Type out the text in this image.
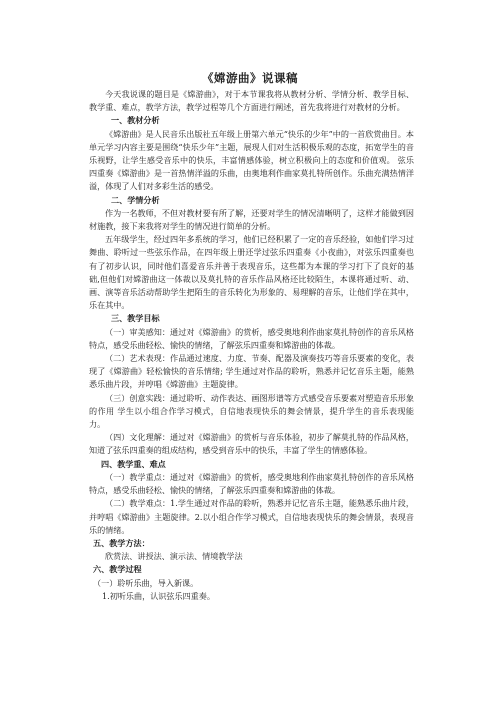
《嫦游曲》说课稿

今天我说课的题目是《嫦游曲》，对于本节课我将从教材分析、学情分析、教学目标、教学重、难点，教学方法，教学过程等几个方面进行阐述，首先我将进行对教材的分析。

一、教材分析

《嫦游曲》是人民音乐出版社五年级上册第六单元“快乐的少年”中的一首欣赏曲目。本单元学习内容主要是围绕“快乐少年”主题，展现人们对生活积极乐观的态度，拓宽学生的音乐视野，让学生感受音乐中的快乐，丰富情感体验，树立积极向上的态度和价值观。 弦乐四重奏《嫦游曲》是一首热情洋溢的乐曲，由奥地利作曲家莫扎特所创作。乐曲充满热情洋溢，体现了人们对多彩生活的感受。

二、学情分析

作为一名教师，不但对教材要有所了解，还要对学生的情况清晰明了，这样才能做到因材施教，接下来我将对学生的情况进行简单的分析。

五年级学生，经过四年多系统的学习，他们已经积累了一定的音乐经验，如他们学习过舞曲、聆听过一些弦乐作品，在四年级上册还学过弦乐四重奏《小夜曲》，对弦乐四重奏也有了初步认识，同时他们喜爱音乐并善于表现音乐，这些都为本课的学习打下了良好的基础,但他们对嫦游曲这一体裁以及莫扎特的音乐作品风格还比较陌生，本课将通过听、动、画、演等音乐活动帮助学生把陌生的音乐转化为形象的、易理解的音乐，让他们学在其中，乐在其中。

三、教学目标

（一）审美感知：通过对《嫦游曲》的赏析，感受奥地利作曲家莫扎特创作的音乐风格特点，感受乐曲轻松、愉快的情绪，了解弦乐四重奏和嫦游曲的体裁。

（二）艺术表现：作品通过速度、力度、节奏、配器及演奏技巧等音乐要素的变化，表现了《嫦游曲》轻松愉快的音乐情绪; 学生通过对作品的聆听，熟悉并记忆音乐主题，能熟悉乐曲片段，并哼唱《嫦游曲》主题旋律。

（三）创意实践：通过聆听、动作表达、画图形谱等方式感受音乐要素对塑造音乐形象的作用 学生以小组合作学习模式，自信地表现快乐的舞会情景，提升学生的音乐表现能力。

（四）文化理解：通过对《嫦游曲》的赏析与音乐体验，初步了解莫扎特的作品风格，知道了弦乐四重奏的组成结构，感受到音乐中的快乐，丰富了学生的情感体验。

四、教学重、难点

（一）教学重点：通过对《嫦游曲》的赏析，感受奥地利作曲家莫扎特创作的音乐风格特点，感受乐曲轻松、愉快的情绪，了解弦乐四重奏和嫦游曲的体裁。

（二）教学难点：1.学生通过对作品的聆听，熟悉并记忆音乐主题，能熟悉乐曲片段，并哼唱《嫦游曲》主题旋律。2.以小组合作学习模式，自信地表现快乐的舞会情景，表现音乐的情绪。

五、教学方法：

欣赏法、讲授法、演示法、情境教学法

六、教学过程

（一）聆听乐曲，导入新课。

1.初听乐曲，认识弦乐四重奏。
